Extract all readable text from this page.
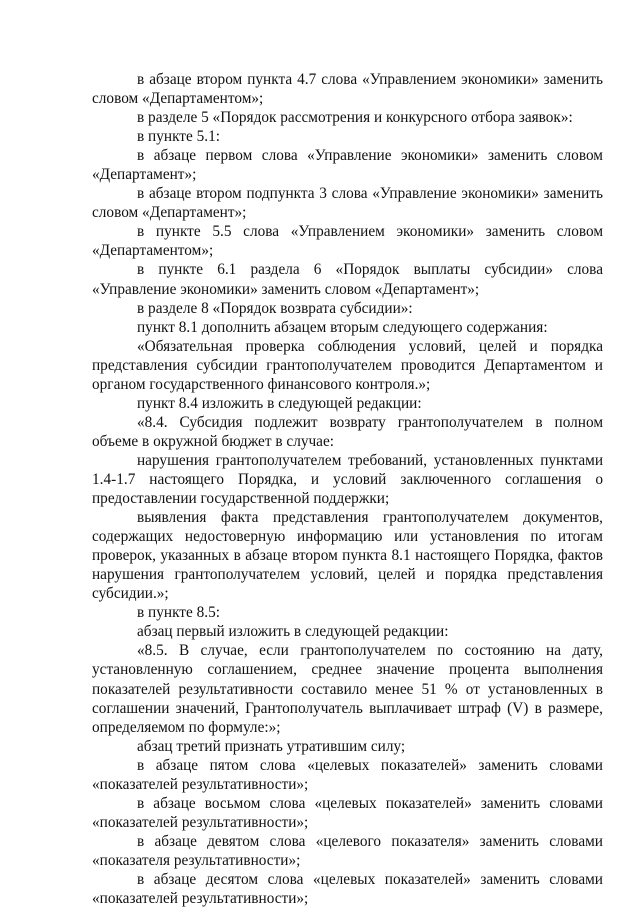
в абзаце втором пункта 4.7 слова «Управлением экономики» заменить словом «Департаментом»;

в разделе 5 «Порядок рассмотрения и конкурсного отбора заявок»:

в пункте 5.1:

в абзаце первом слова «Управление экономики» заменить словом «Департамент»;

в абзаце втором подпункта 3 слова «Управление экономики» заменить словом «Департамент»;

в пункте 5.5 слова «Управлением экономики» заменить словом «Департаментом»;

в пункте 6.1 раздела 6 «Порядок выплаты субсидии» слова «Управление экономики» заменить словом «Департамент»;

в разделе 8 «Порядок возврата субсидии»:

пункт 8.1 дополнить абзацем вторым следующего содержания:

«Обязательная проверка соблюдения условий, целей и порядка представления субсидии грантополучателем проводится Департаментом и органом государственного финансового контроля.»;

пункт 8.4 изложить в следующей редакции:

«8.4. Субсидия подлежит возврату грантополучателем в полном объеме в окружной бюджет в случае:

нарушения грантополучателем требований, установленных пунктами 1.4-1.7 настоящего Порядка, и условий заключенного соглашения о предоставлении государственной поддержки;

выявления факта представления грантополучателем документов, содержащих недостоверную информацию или установления по итогам проверок, указанных в абзаце втором пункта 8.1 настоящего Порядка, фактов нарушения грантополучателем условий, целей и порядка представления субсидии.»;

в пункте 8.5:

абзац первый изложить в следующей редакции:

«8.5. В случае, если грантополучателем по состоянию на дату, установленную соглашением, среднее значение процента выполнения показателей результативности составило менее 51 % от установленных в соглашении значений, Грантополучатель выплачивает штраф (V) в размере, определяемом по формуле:»;

абзац третий признать утратившим силу;

в абзаце пятом слова «целевых показателей» заменить словами «показателей результативности»;

в абзаце восьмом слова «целевых показателей» заменить словами «показателей результативности»;

в абзаце девятом слова «целевого показателя» заменить словами «показателя результативности»;

в абзаце десятом слова «целевых показателей» заменить словами «показателей результативности»;
